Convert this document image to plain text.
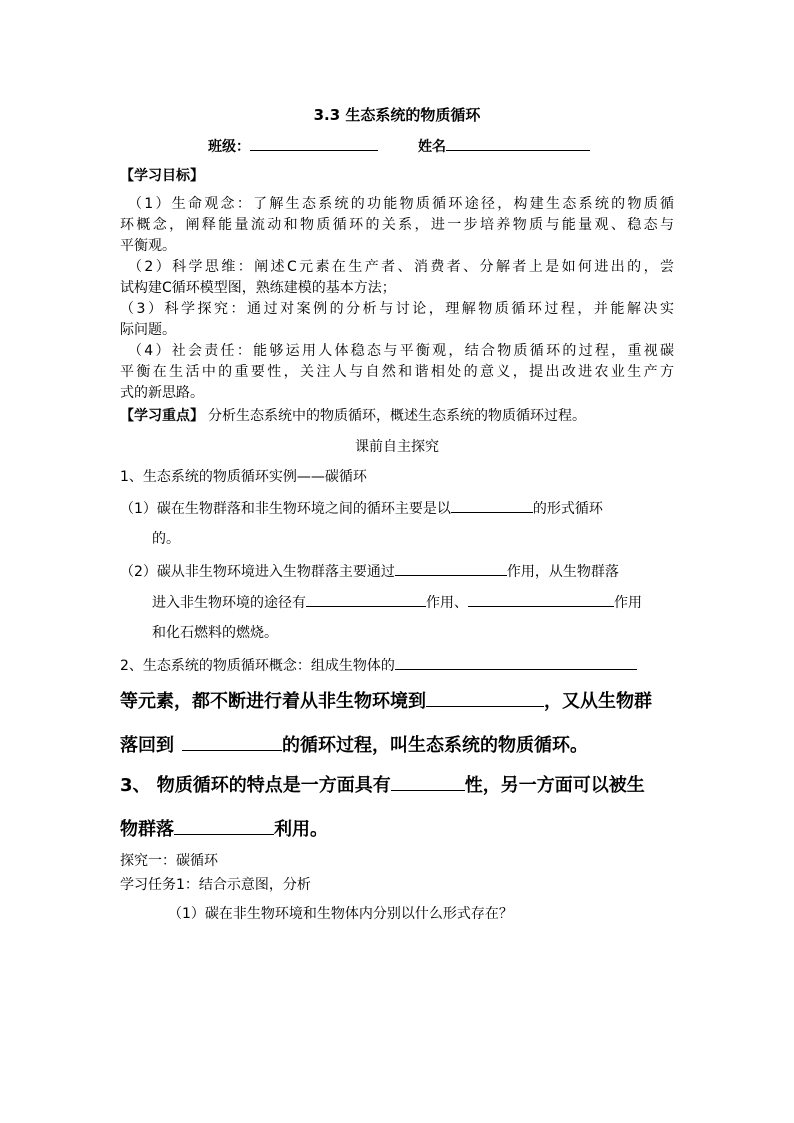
3.3 生态系统的物质循环
班级：	姓名
【学习目标】
（1）生命观念：了解生态系统的功能物质循环途径，构建生态系统的物质循
环概念，阐释能量流动和物质循环的关系，进一步培养物质与能量观、稳态与
平衡观。
（2）科学思维：阐述C元素在生产者、消费者、分解者上是如何进出的，尝
试构建C循环模型图，熟练建模的基本方法；
（3）科学探究：通过对案例的分析与讨论，理解物质循环过程，并能解决实
际问题。
（4）社会责任：能够运用人体稳态与平衡观，结合物质循环的过程，重视碳
平衡在生活中的重要性，关注人与自然和谐相处的意义，提出改进农业生产方
式的新思路。
【学习重点】 分析生态系统中的物质循环，概述生态系统的物质循环过程。
课前自主探究
1、生态系统的物质循环实例——碳循环
（1）碳在生物群落和非生物环境之间的循环主要是以	的形式循环
的。
（2）碳从非生物环境进入生物群落主要通过	作用，从生物群落
进入非生物环境的途径有	作用、	作用
和化石燃料的燃烧。
2、生态系统的物质循环概念：组成生物体的
等元素，都不断进行着从非生物环境到	，又从生物群
落回到	的循环过程，叫生态系统的物质循环。
3、 物质循环的特点是一方面具有	性，另一方面可以被生
物群落	利用。
探究一：碳循环
学习任务1：结合示意图，分析
（1）碳在非生物环境和生物体内分别以什么形式存在？
